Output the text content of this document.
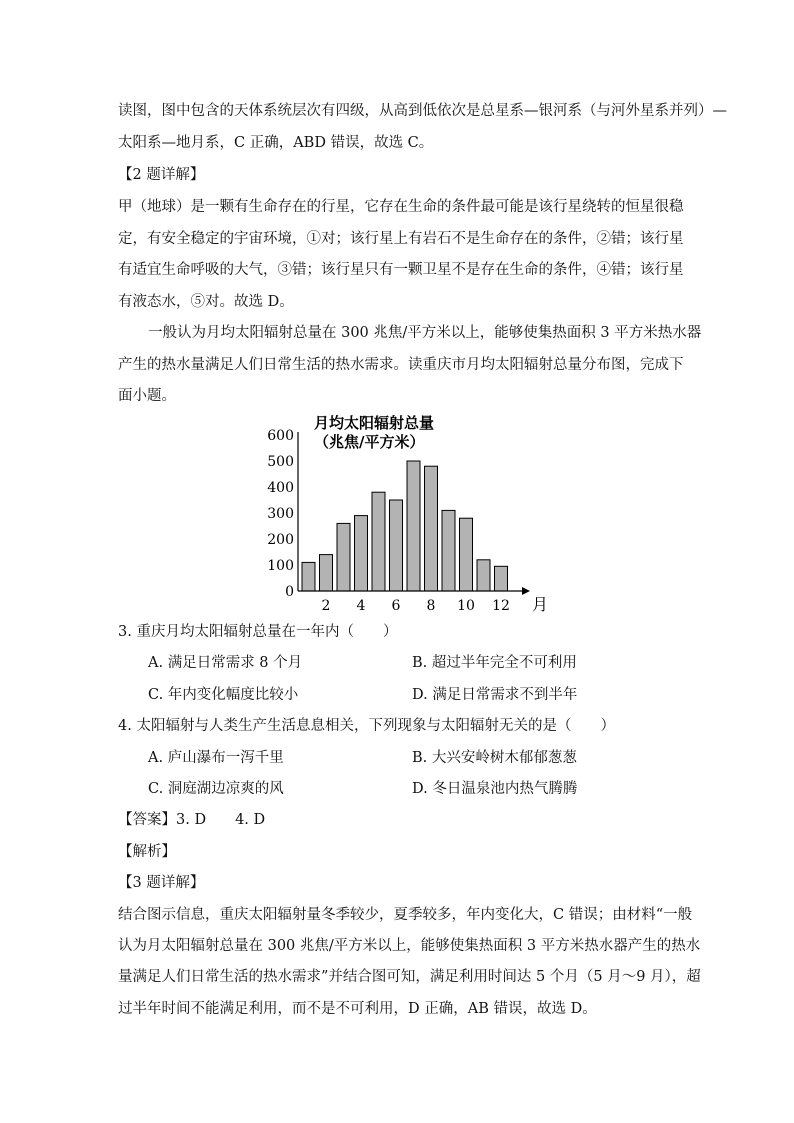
读图，图中包含的天体系统层次有四级，从高到低依次是总星系—银河系（与河外星系并列）—
太阳系—地月系，C 正确，ABD 错误，故选 C。
【2 题详解】
甲（地球）是一颗有生命存在的行星，它存在生命的条件最可能是该行星绕转的恒星很稳
定，有安全稳定的宇宙环境，①对；该行星上有岩石不是生命存在的条件，②错；该行星
有适宜生命呼吸的大气，③错；该行星只有一颗卫星不是存在生命的条件，④错；该行星
有液态水，⑤对。故选 D。
一般认为月均太阳辐射总量在 300 兆焦/平方米以上，能够使集热面积 3 平方米热水器
产生的热水量满足人们日常生活的热水需求。读重庆市月均太阳辐射总量分布图，完成下
面小题。
月均太阳辐射总量
（兆焦/平方米）
0
100
200
300
400
500
600
2 4 6 8 10 12 月
3. 重庆月均太阳辐射总量在一年内（　　）
A. 满足日常需求 8 个月	B. 超过半年完全不可利用
C. 年内变化幅度比较小	D. 满足日常需求不到半年
4. 太阳辐射与人类生产生活息息相关，下列现象与太阳辐射无关的是（　　）
A. 庐山瀑布一泻千里	B. 大兴安岭树木郁郁葱葱
C. 洞庭湖边凉爽的风	D. 冬日温泉池内热气腾腾
【答案】3. D　　4. D
【解析】
【3 题详解】
结合图示信息，重庆太阳辐射量冬季较少，夏季较多，年内变化大，C 错误；由材料“一般
认为月太阳辐射总量在 300 兆焦/平方米以上，能够使集热面积 3 平方米热水器产生的热水
量满足人们日常生活的热水需求”并结合图可知，满足利用时间达 5 个月（5 月～9 月），超
过半年时间不能满足利用，而不是不可利用，D 正确，AB 错误，故选 D。
